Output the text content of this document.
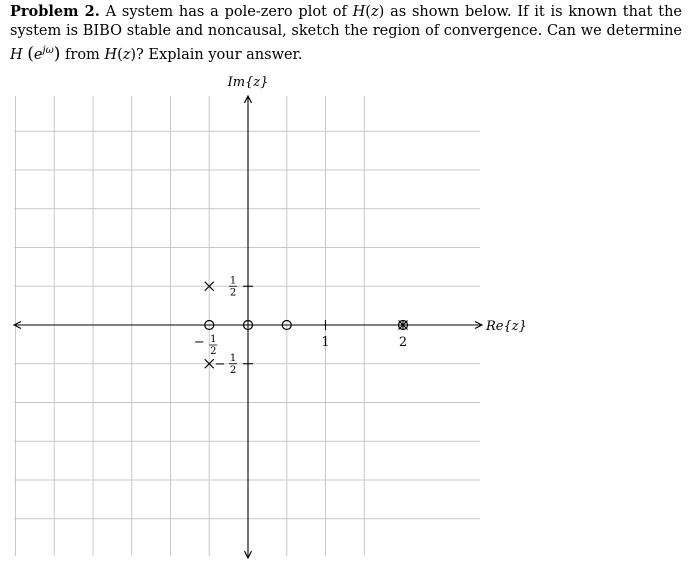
Problem 2. A system has a pole-zero plot of H(z) as shown below. If it is known that the system is BIBO stable and noncausal, sketch the region of convergence. Can we determine H $(e^{j\omega})$ from H(z)? Explain your answer.
Im{z}
Re{z}
1	2
1
2
− 1
2
− 1
2
